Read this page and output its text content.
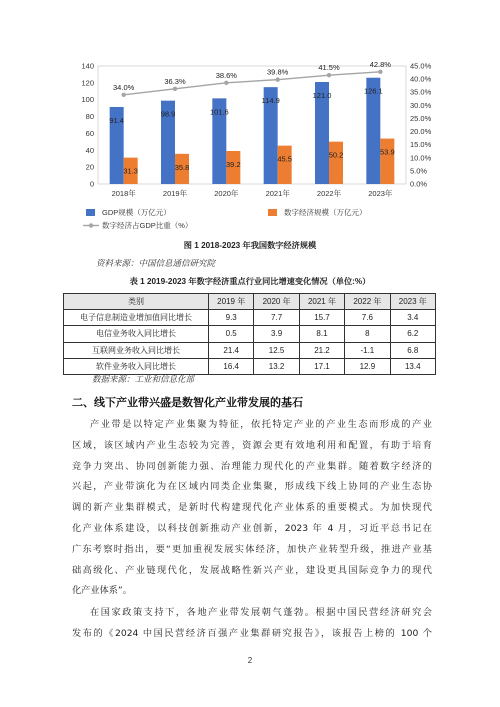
0
20
40
60
80
100
120
140
0.0%
5.0%
10.0%
15.0%
20.0%
25.0%
30.0%
35.0%
40.0%
45.0%
2018年	2019年	2020年	2021年	2022年	2023年
91.4
98.9	101.6
114.9
121.0	126.1
31.3	35.8	39.2
45.5	50.2	53.9
34.0%
36.3%
38.6%	39.8%	41.5%	42.8%
GDP规模（万亿元）	数字经济规模（万亿元）
数字经济占GDP比重（%）
图 1 2018-2023 年我国数字经济规模
资料来源：中国信息通信研究院
表 1 2019-2023 年数字经济重点行业同比增速变化情况（单位:%）
类别	2019 年	2020 年	2021 年	2022 年	2023 年
电子信息制造业增加值同比增长	9.3	7.7	15.7	7.6	3.4
电信业务收入同比增长	0.5	3.9	8.1	8	6.2
互联网业务收入同比增长	21.4	12.5	21.2	-1.1	6.8
软件业务收入同比增长	16.4	13.2	17.1	12.9	13.4
数据来源：工业和信息化部
二、线下产业带兴盛是数智化产业带发展的基石
产业带是以特定产业集聚为特征，依托特定产业的产业生态而形成的产业
区域，该区域内产业生态较为完善，资源会更有效地利用和配置，有助于培育
竞争力突出、协同创新能力强、治理能力现代化的产业集群。随着数字经济的
兴起，产业带演化为在区域内同类企业集聚，形成线下线上协同的产业生态协
调的新产业集群模式，是新时代构建现代化产业体系的重要模式。为加快现代
化产业体系建设，以科技创新推动产业创新，2023 年 4 月，习近平总书记在
广东考察时指出，要“更加重视发展实体经济，加快产业转型升级，推进产业基
础高级化、产业链现代化，发展战略性新兴产业，建设更具国际竞争力的现代
化产业体系”。
在国家政策支持下，各地产业带发展朝气蓬勃。根据中国民营经济研究会
发布的《2024 中国民营经济百强产业集群研究报告》，该报告上榜的 100 个
2
